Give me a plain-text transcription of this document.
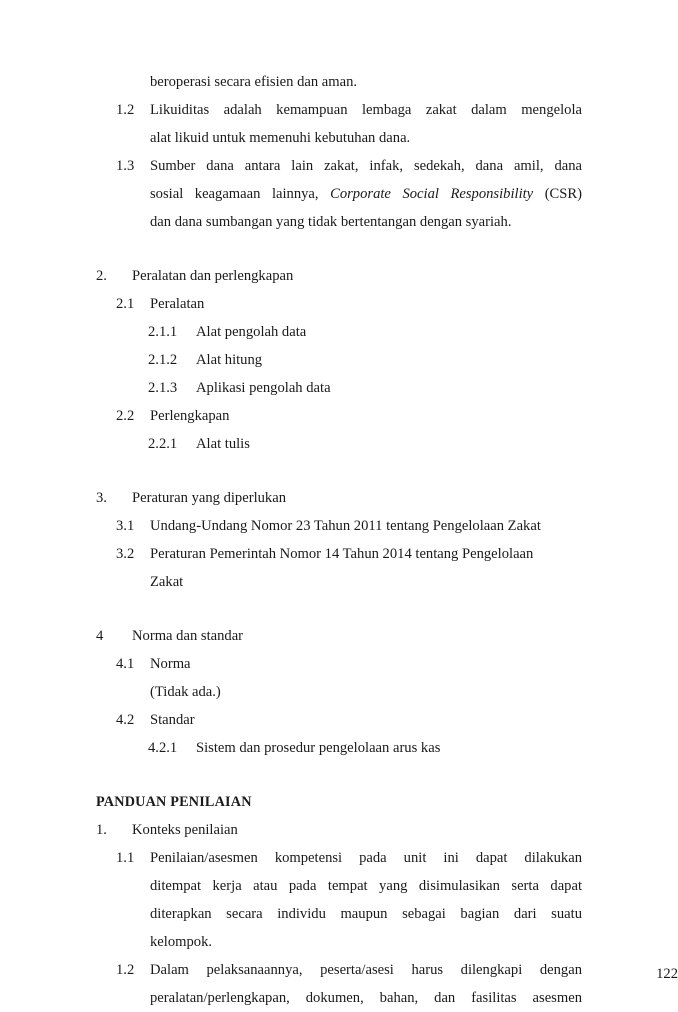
beroperasi secara efisien dan aman.
1.2	Likuiditas adalah kemampuan lembaga zakat dalam mengelola
alat likuid untuk memenuhi kebutuhan dana.
1.3	Sumber dana antara lain zakat, infak, sedekah, dana amil, dana
sosial keagamaan lainnya, Corporate Social Responsibility (CSR)
dan dana sumbangan yang tidak bertentangan dengan syariah.
2.	Peralatan dan perlengkapan
2.1	Peralatan
2.1.1	Alat pengolah data
2.1.2	Alat hitung
2.1.3	Aplikasi pengolah data
2.2	Perlengkapan
2.2.1	Alat tulis
3.	Peraturan yang diperlukan
3.1	Undang-Undang Nomor 23 Tahun 2011 tentang Pengelolaan Zakat
3.2	Peraturan Pemerintah Nomor 14 Tahun 2014 tentang Pengelolaan
Zakat
4	Norma dan standar
4.1	Norma
(Tidak ada.)
4.2	Standar
4.2.1	Sistem dan prosedur pengelolaan arus kas
PANDUAN PENILAIAN
1.	Konteks penilaian
1.1	Penilaian/asesmen kompetensi pada unit ini dapat dilakukan
ditempat kerja atau pada tempat yang disimulasikan serta dapat
diterapkan secara individu maupun sebagai bagian dari suatu
kelompok.
1.2	Dalam pelaksanaannya, peserta/asesi harus dilengkapi dengan
peralatan/perlengkapan, dokumen, bahan, dan fasilitas asesmen
122
